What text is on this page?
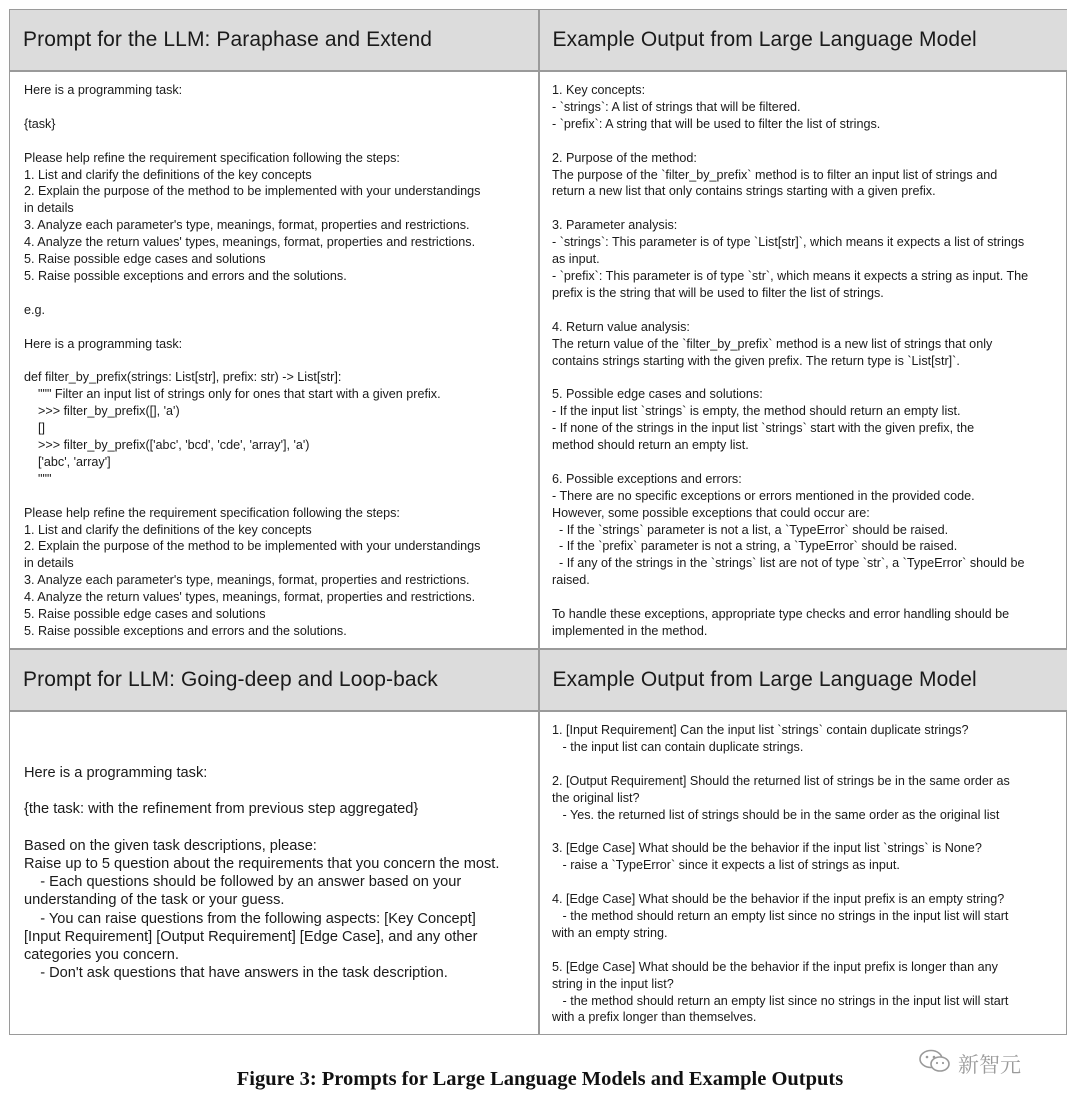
Prompt for the LLM: Paraphase and Extend	Example Output from Large Language Model
Prompt for LLM: Going-deep and Loop-back	Example Output from Large Language Model
Here is a programming task:

{task}

Please help refine the requirement specification following the steps:
1. List and clarify the definitions of the key concepts
2. Explain the purpose of the method to be implemented with your understandings
in details
3. Analyze each parameter's type, meanings, format, properties and restrictions.
4. Analyze the return values' types, meanings, format, properties and restrictions.
5. Raise possible edge cases and solutions
5. Raise possible exceptions and errors and the solutions.

e.g.

Here is a programming task:

def filter_by_prefix(strings: List[str], prefix: str) -> List[str]:
""" Filter an input list of strings only for ones that start with a given prefix.
>>> filter_by_prefix([], 'a')
[]
>>> filter_by_prefix(['abc', 'bcd', 'cde', 'array'], 'a')
['abc', 'array']
"""

Please help refine the requirement specification following the steps:
1. List and clarify the definitions of the key concepts
2. Explain the purpose of the method to be implemented with your understandings
in details
3. Analyze each parameter's type, meanings, format, properties and restrictions.
4. Analyze the return values' types, meanings, format, properties and restrictions.
5. Raise possible edge cases and solutions
5. Raise possible exceptions and errors and the solutions.
1. Key concepts:
- `strings`: A list of strings that will be filtered.
- `prefix`: A string that will be used to filter the list of strings.

2. Purpose of the method:
The purpose of the `filter_by_prefix` method is to filter an input list of strings and
return a new list that only contains strings starting with a given prefix.

3. Parameter analysis:
- `strings`: This parameter is of type `List[str]`, which means it expects a list of strings
as input.
- `prefix`: This parameter is of type `str`, which means it expects a string as input. The
prefix is the string that will be used to filter the list of strings.

4. Return value analysis:
The return value of the `filter_by_prefix` method is a new list of strings that only
contains strings starting with the given prefix. The return type is `List[str]`.

5. Possible edge cases and solutions:
- If the input list `strings` is empty, the method should return an empty list.
- If none of the strings in the input list `strings` start with the given prefix, the
method should return an empty list.

6. Possible exceptions and errors:
- There are no specific exceptions or errors mentioned in the provided code.
However, some possible exceptions that could occur are:
- If the `strings` parameter is not a list, a `TypeError` should be raised.
- If the `prefix` parameter is not a string, a `TypeError` should be raised.
- If any of the strings in the `strings` list are not of type `str`, a `TypeError` should be
raised.

To handle these exceptions, appropriate type checks and error handling should be
implemented in the method.
Here is a programming task:

{the task: with the refinement from previous step aggregated}

Based on the given task descriptions, please:
Raise up to 5 question about the requirements that you concern the most.
- Each questions should be followed by an answer based on your
understanding of the task or your guess.
- You can raise questions from the following aspects: [Key Concept]
[Input Requirement] [Output Requirement] [Edge Case], and any other
categories you concern.
- Don't ask questions that have answers in the task description.
1. [Input Requirement] Can the input list `strings` contain duplicate strings?
- the input list can contain duplicate strings.

2. [Output Requirement] Should the returned list of strings be in the same order as
the original list?
- Yes. the returned list of strings should be in the same order as the original list

3. [Edge Case] What should be the behavior if the input list `strings` is None?
- raise a `TypeError` since it expects a list of strings as input.

4. [Edge Case] What should be the behavior if the input prefix is an empty string?
- the method should return an empty list since no strings in the input list will start
with an empty string.

5. [Edge Case] What should be the behavior if the input prefix is longer than any
string in the input list?
- the method should return an empty list since no strings in the input list will start
with a prefix longer than themselves.
新智元
Figure 3: Prompts for Large Language Models and Example Outputs
